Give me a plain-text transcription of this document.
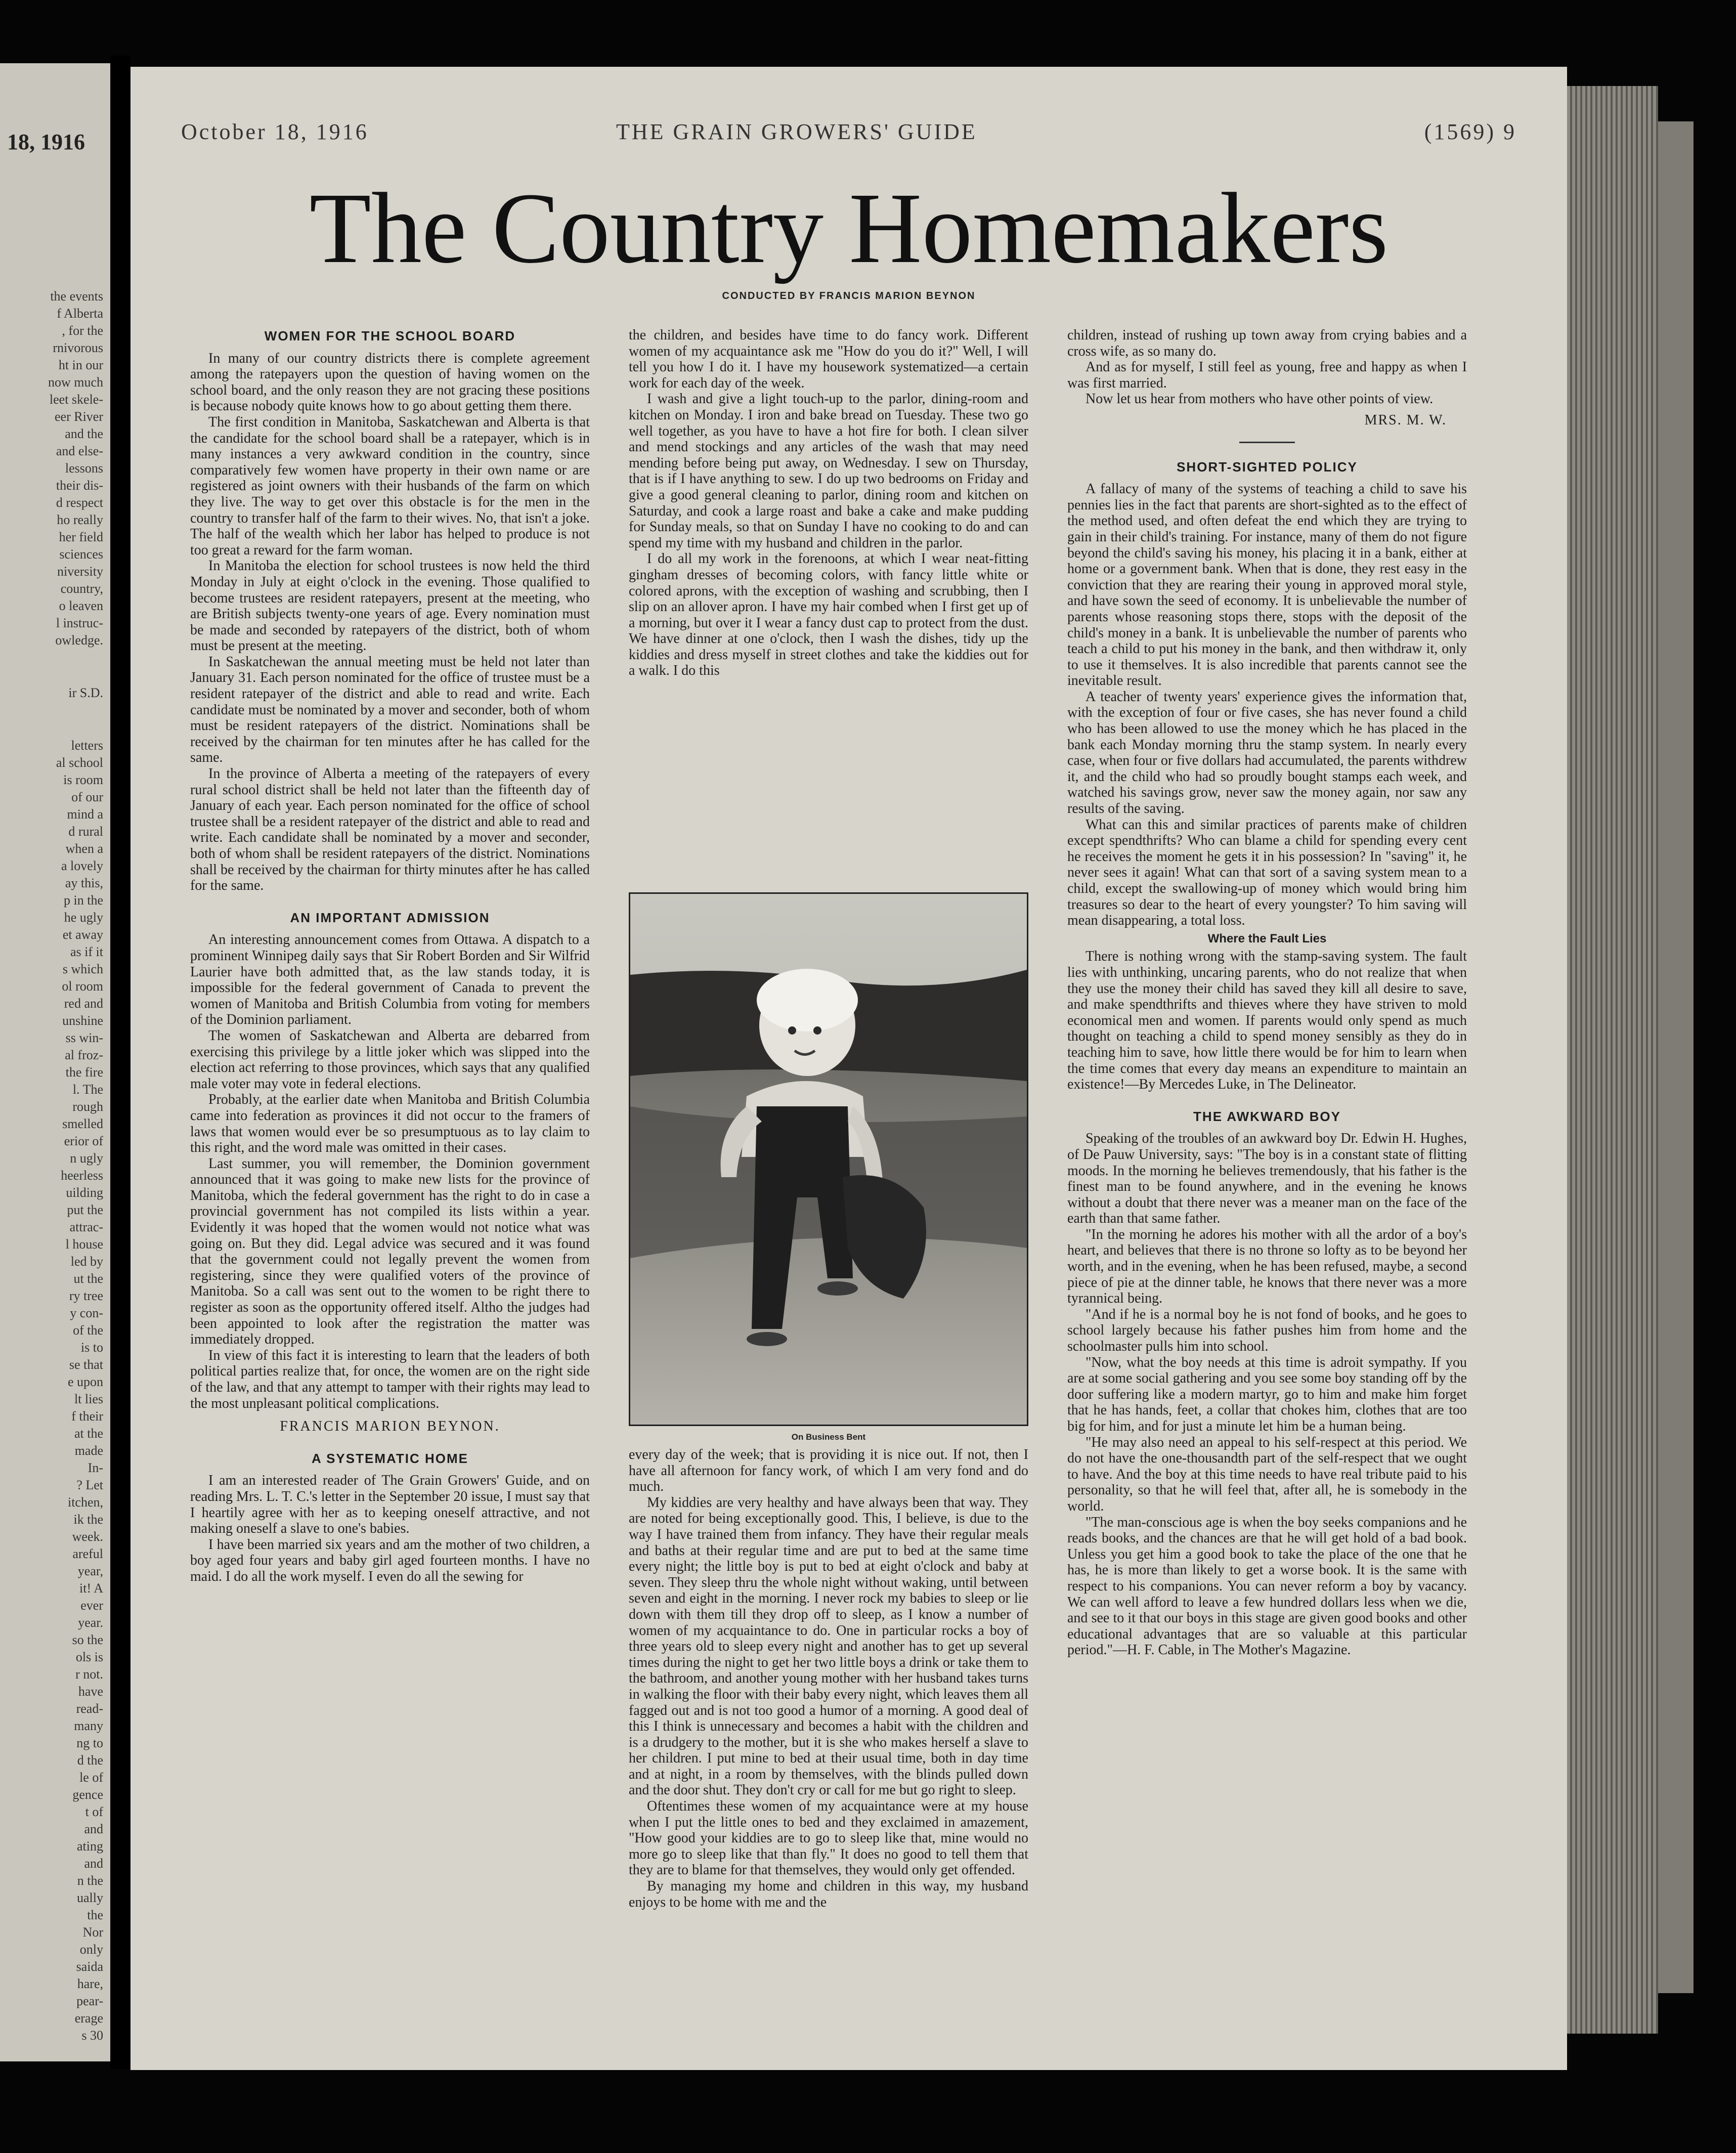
18, 1916
the events
f Alberta
, for the
rnivorous
ht in our
now much
leet skele-
eer River
and the
and else-
lessons
their dis-
d respect
ho really
her field
sciences
niversity
country,
o leaven
l instruc-
owledge.
ir S.D.
letters
al school
is room
of our
mind a
d rural
when a
a lovely
ay this,
p in the
he ugly
et away
as if it
s which
ol room
red and
unshine
ss win-
al froz-
the fire
l. The
rough
smelled
erior of
n ugly
heerless
uilding
put the
attrac-
l house
led by
ut the
ry tree
y con-
of the
is to
se that
e upon
lt lies
f their
at the
made
In-
? Let
itchen,
ik the
week.
areful
year,
it! A
ever
year.
so the
ols is
r not.
have
read-
many
ng to
d the
le of
gence
t of
and
ating
and
n the
ually
the
Nor
only
saida
hare,
pear-
erage
s 30
October 18, 1916	THE GRAIN GROWERS' GUIDE	(1569) 9
The Country Homemakers
CONDUCTED BY FRANCIS MARION BEYNON
WOMEN FOR THE SCHOOL BOARD

In many of our country districts there is complete agreement among the ratepayers upon the question of having women on the school board, and the only reason they are not gracing these positions is because nobody quite knows how to go about getting them there.

The first condition in Manitoba, Saskatchewan and Alberta is that the candidate for the school board shall be a ratepayer, which is in many instances a very awkward condition in the country, since comparatively few women have property in their own name or are registered as joint owners with their husbands of the farm on which they live. The way to get over this obstacle is for the men in the country to transfer half of the farm to their wives. No, that isn't a joke. The half of the wealth which her labor has helped to produce is not too great a reward for the farm woman.

In Manitoba the election for school trustees is now held the third Monday in July at eight o'clock in the evening. Those qualified to become trustees are resident ratepayers, present at the meeting, who are British subjects twenty-one years of age. Every nomination must be made and seconded by ratepayers of the district, both of whom must be present at the meeting.

In Saskatchewan the annual meeting must be held not later than January 31. Each person nominated for the office of trustee must be a resident ratepayer of the district and able to read and write. Each candidate must be nominated by a mover and seconder, both of whom must be resident ratepayers of the district. Nominations shall be received by the chairman for ten minutes after he has called for the same.

In the province of Alberta a meeting of the ratepayers of every rural school district shall be held not later than the fifteenth day of January of each year. Each person nominated for the office of school trustee shall be a resident ratepayer of the district and able to read and write. Each candidate shall be nominated by a mover and seconder, both of whom shall be resident ratepayers of the district. Nominations shall be received by the chairman for thirty minutes after he has called for the same.

AN IMPORTANT ADMISSION

An interesting announcement comes from Ottawa. A dispatch to a prominent Winnipeg daily says that Sir Robert Borden and Sir Wilfrid Laurier have both admitted that, as the law stands today, it is impossible for the federal government of Canada to prevent the women of Manitoba and British Columbia from voting for members of the Dominion parliament.

The women of Saskatchewan and Alberta are debarred from exercising this privilege by a little joker which was slipped into the election act referring to those provinces, which says that any qualified male voter may vote in federal elections.

Probably, at the earlier date when Manitoba and British Columbia came into federation as provinces it did not occur to the framers of laws that women would ever be so presumptuous as to lay claim to this right, and the word male was omitted in their cases.

Last summer, you will remember, the Dominion government announced that it was going to make new lists for the province of Manitoba, which the federal government has the right to do in case a provincial government has not compiled its lists within a year. Evidently it was hoped that the women would not notice what was going on. But they did. Legal advice was secured and it was found that the government could not legally prevent the women from registering, since they were qualified voters of the province of Manitoba. So a call was sent out to the women to be right there to register as soon as the opportunity offered itself. Altho the judges had been appointed to look after the registration the matter was immediately dropped.

In view of this fact it is interesting to learn that the leaders of both political parties realize that, for once, the women are on the right side of the law, and that any attempt to tamper with their rights may lead to the most unpleasant political complications.

FRANCIS MARION BEYNON.
A SYSTEMATIC HOME

I am an interested reader of The Grain Growers' Guide, and on reading Mrs. L. T. C.'s letter in the September 20 issue, I must say that I heartily agree with her as to keeping oneself attractive, and not making oneself a slave to one's babies.

I have been married six years and am the mother of two children, a boy aged four years and baby girl aged fourteen months. I have no maid. I do all the work myself. I even do all the sewing for

the children, and besides have time to do fancy work. Different women of my acquaintance ask me "How do you do it?" Well, I will tell you how I do it. I have my housework systematized—a certain work for each day of the week.

I wash and give a light touch-up to the parlor, dining-room and kitchen on Monday. I iron and bake bread on Tuesday. These two go well together, as you have to have a hot fire for both. I clean silver and mend stockings and any articles of the wash that may need mending before being put away, on Wednesday. I sew on Thursday, that is if I have anything to sew. I do up two bedrooms on Friday and give a good general cleaning to parlor, dining room and kitchen on Saturday, and cook a large roast and bake a cake and make pudding for Sunday meals, so that on Sunday I have no cooking to do and can spend my time with my husband and children in the parlor.

I do all my work in the forenoons, at which I wear neat-fitting gingham dresses of becoming colors, with fancy little white or colored aprons, with the exception of washing and scrubbing, then I slip on an allover apron. I have my hair combed when I first get up of a morning, but over it I wear a fancy dust cap to protect from the dust. We have dinner at one o'clock, then I wash the dishes, tidy up the kiddies and dress myself in street clothes and take the kiddies out for a walk. I do this

On Business Bent

every day of the week; that is providing it is nice out. If not, then I have all afternoon for fancy work, of which I am very fond and do much.

My kiddies are very healthy and have always been that way. They are noted for being exceptionally good. This, I believe, is due to the way I have trained them from infancy. They have their regular meals and baths at their regular time and are put to bed at the same time every night; the little boy is put to bed at eight o'clock and baby at seven. They sleep thru the whole night without waking, until between seven and eight in the morning. I never rock my babies to sleep or lie down with them till they drop off to sleep, as I know a number of women of my acquaintance to do. One in particular rocks a boy of three years old to sleep every night and another has to get up several times during the night to get her two little boys a drink or take them to the bathroom, and another young mother with her husband takes turns in walking the floor with their baby every night, which leaves them all fagged out and is not too good a humor of a morning. A good deal of this I think is unnecessary and becomes a habit with the children and is a drudgery to the mother, but it is she who makes herself a slave to her children. I put mine to bed at their usual time, both in day time and at night, in a room by themselves, with the blinds pulled down and the door shut. They don't cry or call for me but go right to sleep.

Oftentimes these women of my acquaintance were at my house when I put the little ones to bed and they exclaimed in amazement, "How good your kiddies are to go to sleep like that, mine would no more go to sleep like that than fly." It does no good to tell them that they are to blame for that themselves, they would only get offended.

By managing my home and children in this way, my husband enjoys to be home with me and the

children, instead of rushing up town away from crying babies and a cross wife, as so many do.

And as for myself, I still feel as young, free and happy as when I was first married.

Now let us hear from mothers who have other points of view.

MRS. M. W.
SHORT-SIGHTED POLICY

A fallacy of many of the systems of teaching a child to save his pennies lies in the fact that parents are short-sighted as to the effect of the method used, and often defeat the end which they are trying to gain in their child's training. For instance, many of them do not figure beyond the child's saving his money, his placing it in a bank, either at home or a government bank. When that is done, they rest easy in the conviction that they are rearing their young in approved moral style, and have sown the seed of economy. It is unbelievable the number of parents whose reasoning stops there, stops with the deposit of the child's money in a bank. It is unbelievable the number of parents who teach a child to put his money in the bank, and then withdraw it, only to use it themselves. It is also incredible that parents cannot see the inevitable result.

A teacher of twenty years' experience gives the information that, with the exception of four or five cases, she has never found a child who has been allowed to use the money which he has placed in the bank each Monday morning thru the stamp system. In nearly every case, when four or five dollars had accumulated, the parents withdrew it, and the child who had so proudly bought stamps each week, and watched his savings grow, never saw the money again, nor saw any results of the saving.

What can this and similar practices of parents make of children except spendthrifts? Who can blame a child for spending every cent he receives the moment he gets it in his possession? In "saving" it, he never sees it again! What can that sort of a saving system mean to a child, except the swallowing-up of money which would bring him treasures so dear to the heart of every youngster? To him saving will mean disappearing, a total loss.

Where the Fault Lies

There is nothing wrong with the stamp-saving system. The fault lies with unthinking, uncaring parents, who do not realize that when they use the money their child has saved they kill all desire to save, and make spendthrifts and thieves where they have striven to mold economical men and women. If parents would only spend as much thought on teaching a child to spend money sensibly as they do in teaching him to save, how little there would be for him to learn when the time comes that every day means an expenditure to maintain an existence!—By Mercedes Luke, in The Delineator.

THE AWKWARD BOY

Speaking of the troubles of an awkward boy Dr. Edwin H. Hughes, of De Pauw University, says: "The boy is in a constant state of flitting moods. In the morning he believes tremendously, that his father is the finest man to be found anywhere, and in the evening he knows without a doubt that there never was a meaner man on the face of the earth than that same father.

"In the morning he adores his mother with all the ardor of a boy's heart, and believes that there is no throne so lofty as to be beyond her worth, and in the evening, when he has been refused, maybe, a second piece of pie at the dinner table, he knows that there never was a more tyrannical being.

"And if he is a normal boy he is not fond of books, and he goes to school largely because his father pushes him from home and the schoolmaster pulls him into school.

"Now, what the boy needs at this time is adroit sympathy. If you are at some social gathering and you see some boy standing off by the door suffering like a modern martyr, go to him and make him forget that he has hands, feet, a collar that chokes him, clothes that are too big for him, and for just a minute let him be a human being.

"He may also need an appeal to his self-respect at this period. We do not have the one-thousandth part of the self-respect that we ought to have. And the boy at this time needs to have real tribute paid to his personality, so that he will feel that, after all, he is somebody in the world.

"The man-conscious age is when the boy seeks companions and he reads books, and the chances are that he will get hold of a bad book. Unless you get him a good book to take the place of the one that he has, he is more than likely to get a worse book. It is the same with respect to his companions. You can never reform a boy by vacancy. We can well afford to leave a few hundred dollars less when we die, and see to it that our boys in this stage are given good books and other educational advantages that are so valuable at this particular period."—H. F. Cable, in The Mother's Magazine.
